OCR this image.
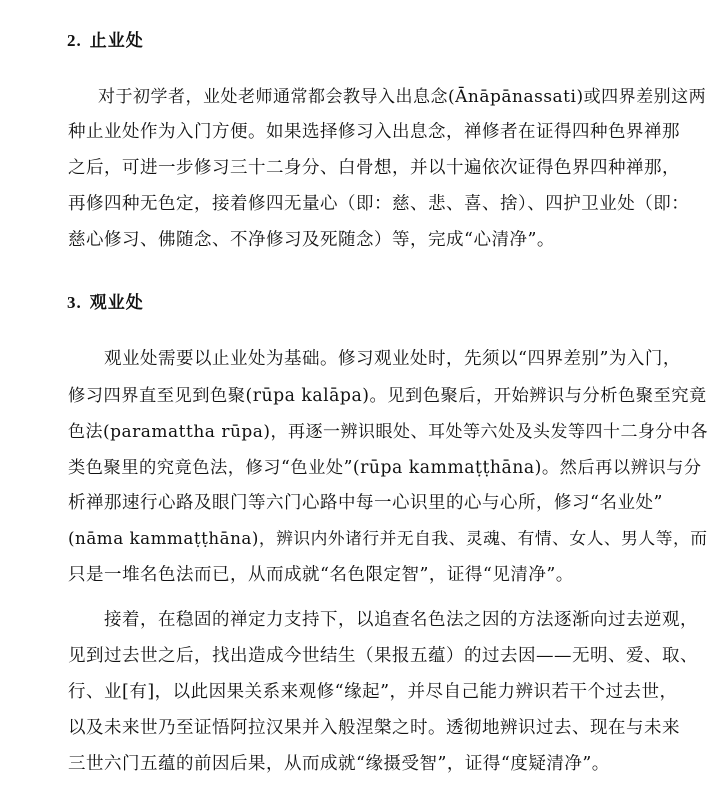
2. 止业处
对于初学者，业处老师通常都会教导入出息念(Ānāpānassati)或四界差别这两
种止业处作为入门方便。如果选择修习入出息念，禅修者在证得四种色界禅那
之后，可进一步修习三十二身分、白骨想，并以十遍依次证得色界四种禅那，
再修四种无色定，接着修四无量心（即：慈、悲、喜、捨）、四护卫业处（即：
慈心修习、佛随念、不净修习及死随念）等，完成“心清净”。
3. 观业处
观业处需要以止业处为基础。修习观业处时，先须以“四界差别”为入门，
修习四界直至见到色聚(rūpa kalāpa)。见到色聚后，开始辨识与分析色聚至究竟
色法(paramattha rūpa)，再逐一辨识眼处、耳处等六处及头发等四十二身分中各
类色聚里的究竟色法，修习“色业处”(rūpa kammaṭṭhāna)。然后再以辨识与分
析禅那速行心路及眼门等六门心路中每一心识里的心与心所，修习“名业处”
(nāma kammaṭṭhāna)，辨识内外诸行并无自我、灵魂、有情、女人、男人等，而
只是一堆名色法而已，从而成就“名色限定智”，证得“见清净”。
接着，在稳固的禅定力支持下，以追查名色法之因的方法逐渐向过去逆观，
见到过去世之后，找出造成今世结生（果报五蕴）的过去因——无明、爱、取、
行、业[有]，以此因果关系来观修“缘起”，并尽自己能力辨识若干个过去世，
以及未来世乃至证悟阿拉汉果并入般涅槃之时。透彻地辨识过去、现在与未来
三世六门五蕴的前因后果，从而成就“缘摄受智”，证得“度疑清净”。
